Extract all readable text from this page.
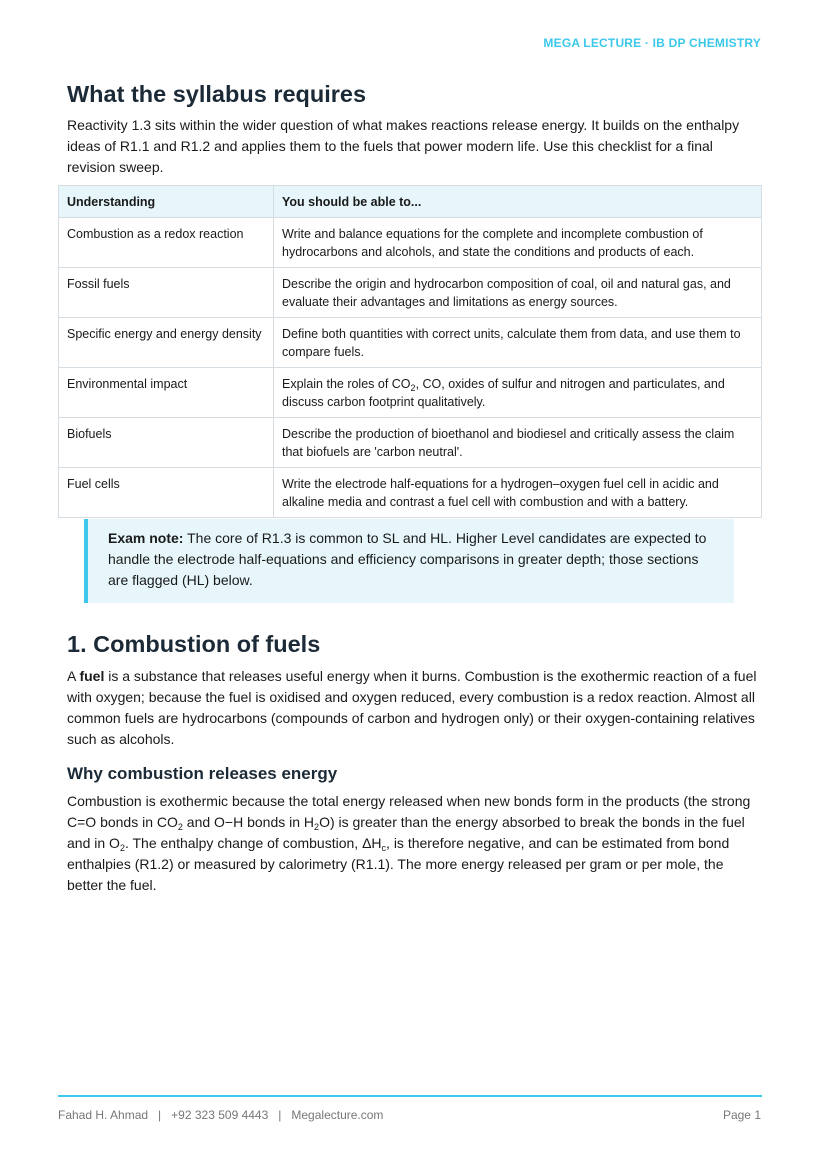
MEGA LECTURE · IB DP CHEMISTRY
What the syllabus requires

Reactivity 1.3 sits within the wider question of what makes reactions release energy. It builds on the enthalpy ideas of R1.1 and R1.2 and applies them to the fuels that power modern life. Use this checklist for a final revision sweep.

Understanding	You should be able to...
Combustion as a redox reaction	Write and balance equations for the complete and incomplete combustion of hydrocarbons and alcohols, and state the conditions and products of each.
Fossil fuels	Describe the origin and hydrocarbon composition of coal, oil and natural gas, and evaluate their advantages and limitations as energy sources.
Specific energy and energy density	Define both quantities with correct units, calculate them from data, and use them to compare fuels.
Environmental impact	Explain the roles of $CO_2$, CO, oxides of sulfur and nitrogen and particulates, and discuss carbon footprint qualitatively.
Biofuels	Describe the production of bioethanol and biodiesel and critically assess the claim that biofuels are 'carbon neutral'.
Fuel cells	Write the electrode half-equations for a hydrogen–oxygen fuel cell in acidic and alkaline media and contrast a fuel cell with combustion and with a battery.
Exam note: The core of R1.3 is common to SL and HL. Higher Level candidates are expected to handle the electrode half-equations and efficiency comparisons in greater depth; those sections are flagged (HL) below.
1. Combustion of fuels

A fuel is a substance that releases useful energy when it burns. Combustion is the exothermic reaction of a fuel with oxygen; because the fuel is oxidised and oxygen reduced, every combustion is a redox reaction. Almost all common fuels are hydrocarbons (compounds of carbon and hydrogen only) or their oxygen-containing relatives such as alcohols.

Why combustion releases energy

Combustion is exothermic because the total energy released when new bonds form in the products (the strong C=O bonds in $CO_2$ and O−H bonds in $H_2O$) is greater than the energy absorbed to break the bonds in the fuel and in $O_2$. The enthalpy change of combustion, $\Delta H_c$, is therefore negative, and can be estimated from bond enthalpies (R1.2) or measured by calorimetry (R1.1). The more energy released per gram or per mole, the better the fuel.

Fahad H. Ahmad   |   +92 323 509 4443   |   Megalecture.com	Page 1
